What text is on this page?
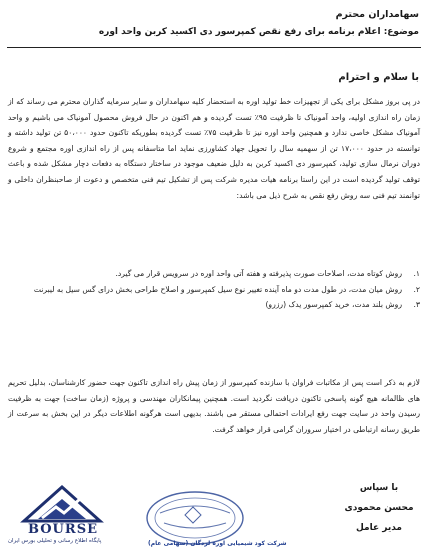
سهامداران محترم
موضوع: اعلام برنامه برای رفع نقص کمپرسور دی اکسید کربن واحد اوره
با سلام و احترام

در پی بروز مشکل برای یکی از تجهیزات خط تولید اوره به استحضار کلیه سهامداران و سایر سرمایه گذاران محترم می رساند که از زمان راه اندازی اولیه، واحد آمونیاک تا ظرفیت ۹۵٪ تست گردیده و هم اکنون در حال فروش محصول آمونیاک می باشیم و واحد آمونیاک مشکل خاصی ندارد و همچنین واحد اوره نیز تا ظرفیت ۷۵٪ تست گردیده بطوریکه تاکنون حدود ۵۰،۰۰۰ تن تولید داشته و توانسته در حدود ۱۷،۰۰۰ تن از سهمیه سال را تحویل جهاد کشاورزی نماید اما متاسفانه پس از راه اندازی اوره مجتمع و شروع دوران نرمال سازی تولید، کمپرسور دی اکسید کربن به دلیل ضعیف موجود در ساختار دستگاه به دفعات دچار مشکل شده و باعث توقف تولید گردیده است در این راستا برنامه هیات مدیره شرکت پس از تشکیل تیم فنی متخصص و دعوت از صاحبنظران داخلی و توانمند تیم فنی سه روش رفع نقص به شرح ذیل می باشد:

۱.
روش کوتاه مدت، اصلاحات صورت پذیرفته و هفته آتی واحد اوره در سرویس قرار می گیرد.
۲.
روش میان مدت، در طول مدت دو ماه آینده تغییر نوع سیل کمپرسور و اصلاح طراحی بخش درای گس سیل به لیبرنت
۳.
روش بلند مدت، خرید کمپرسور یدک (رزرو)
لازم به ذکر است پس از مکاتبات فراوان با سازنده کمپرسور از زمان پیش راه اندازی تاکنون جهت حضور کارشناسان، بدلیل تحریم های ظالمانه هیچ گونه پاسخی تاکنون دریافت نگردید است. همچنین پیمانکاران مهندسی و پروژه (زمان ساخت) جهت به ظرفیت رسیدن واحد در سایت جهت رفع ایرادات احتمالی مستقر می باشند. بدیهی است هرگونه اطلاعات دیگر در این بخش به سرعت از طریق رسانه ارتباطی در اختیار سروران گرامی قرار خواهد گرفت.
با سپاس
محسن محمودی
مدیر عامل
شرکت کود شیمیایی اوره لردگان (سهامی عام)
BOURSE
پایگاه اطلاع رسانی و تحلیلی بورس ایران
